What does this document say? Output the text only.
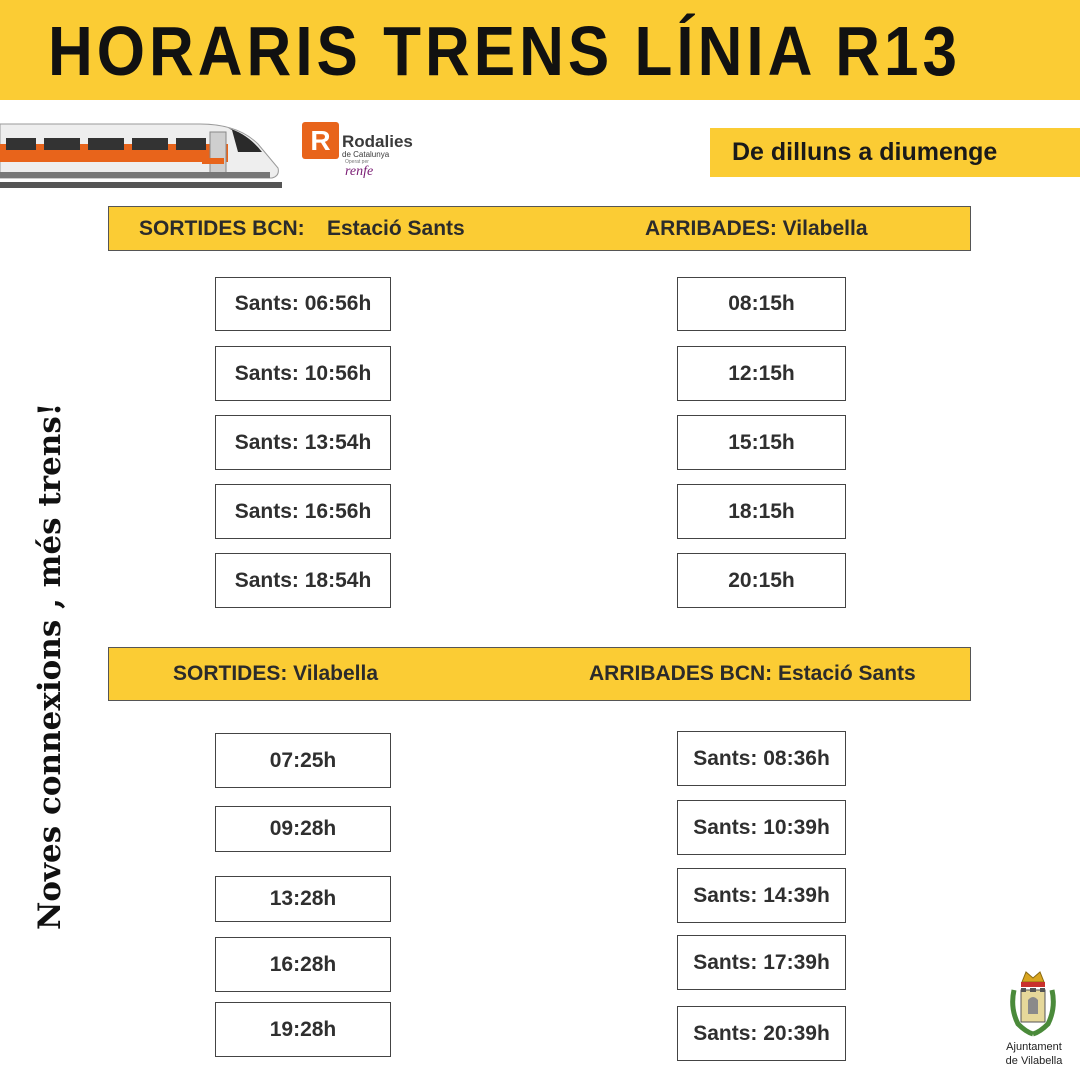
HORARIS TRENS LÍNIA R13
R Rodalies
de Catalunya
Operat per
renfe
De dilluns a diumenge
SORTIDES BCN: Estació Sants	ARRIBADES: Vilabella
Sants: 06:56h
Sants: 10:56h
Sants: 13:54h
Sants: 16:56h
Sants: 18:54h
08:15h
12:15h
15:15h
18:15h
20:15h
SORTIDES: Vilabella	ARRIBADES BCN: Estació Sants
07:25h
09:28h
13:28h
16:28h
19:28h
Sants: 08:36h
Sants: 10:39h
Sants: 14:39h
Sants: 17:39h
Sants: 20:39h
Noves connexions , més trens!
Ajuntament
de Vilabella
